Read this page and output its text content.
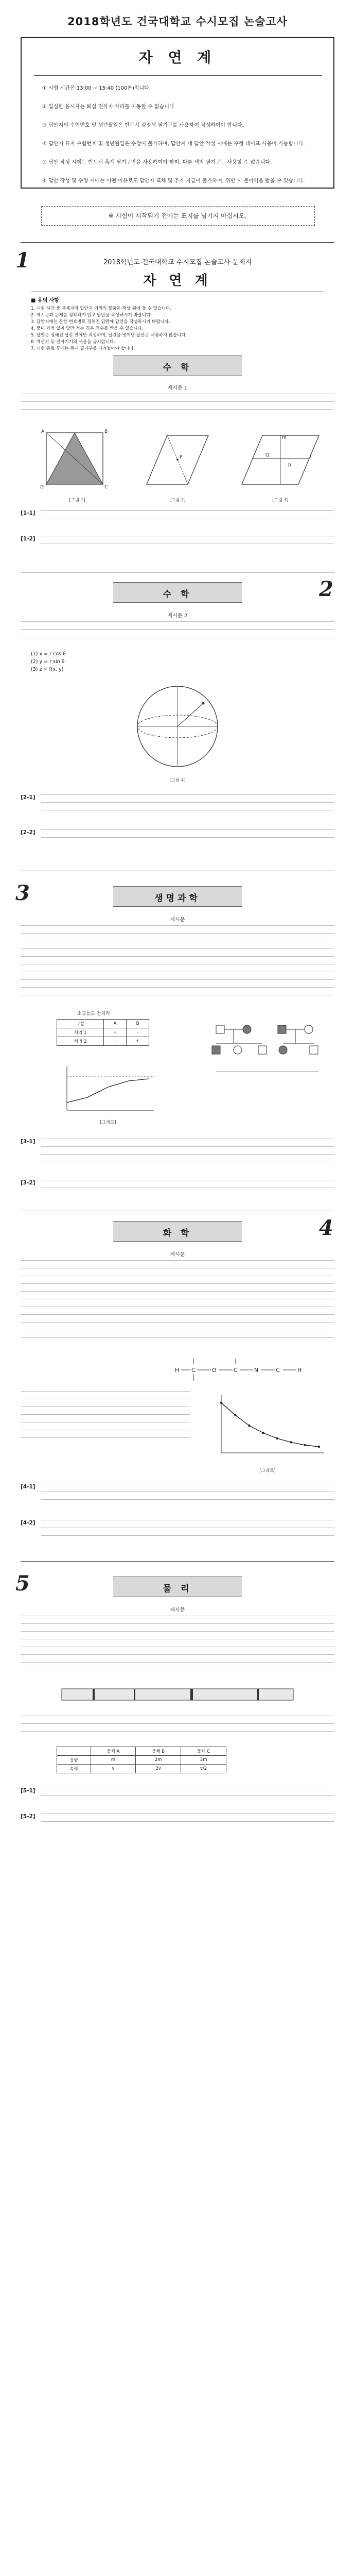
2018학년도 건국대학교 수시모집 논술고사
자 연 계
① 시험 시간은 13:00 ~ 15:40 (100분)입니다.
② 입실한 응시자는 퇴실 전까지 자리를 이동할 수 없습니다.
③ 답안지의 수험번호 및 생년월일은 반드시 검정색 필기구를 사용하여 작성하여야 합니다.
④ 답안지 표지 수험번호 및 생년월일은 수정이 불가하며, 답안지 내 답안 작성 시에는 수정 테이프 사용이 가능합니다.
⑤ 답안 작성 시에는 반드시 흑색 필기구만을 사용하여야 하며, 다른 색의 필기구는 사용할 수 없습니다.
⑥ 답안 작성 및 수정 시에는 어떤 이유로도 답안지 교체 및 추가 지급이 불가하며, 위반 시 불이익을 받을 수 있습니다.
※ 시험이 시작되기 전에는 표지를 넘기지 마십시오.
1	2018학년도 건국대학교 수시모집 논술고사 문제지
자 연 계
■ 유의 사항
1. 시험 시간 중 문제지와 답안지 이외의 물품은 책상 위에 둘 수 없습니다.
2. 제시문과 문제를 정확하게 읽고 답안을 작성하시기 바랍니다.
3. 답안지에는 문항 번호별로 정해진 답란에 답안을 작성하시기 바랍니다.
4. 풀이 과정 없이 답만 적는 경우 점수를 받을 수 없습니다.
5. 답안은 정해진 답란 안에만 작성하며, 답란을 벗어난 답안은 채점하지 않습니다.
6. 계산기 등 전자기기의 사용을 금지합니다.
7. 시험 종료 후에는 즉시 필기구를 내려놓아야 합니다.
수 학
제시문 1
A	B
C
D
[그림 1]
P
[그림 2]
ℓ
m
Q
R
[그림 3]
[1-1]
[1-2]
수 학	2
제시문 2
(1) x = r cos θ
(2) y = r sin θ
(3) z = f(x, y)
[그림 4]
[2-1]
[2-2]
3	생명과학
제시문
소금농도 전처리
구분	A	B
처리 1	+	-
처리 2	-	+
[그래프]
[3-1]
[3-2]
화 학	4
제시문
H C	O	C	N	C	H
[그래프]
[4-1]
[4-2]
5	물 리
제시문
	물체 A	물체 B	물체 C
질량	m	2m	3m
속력	v	2v	v/2
[5-1]
[5-2]
